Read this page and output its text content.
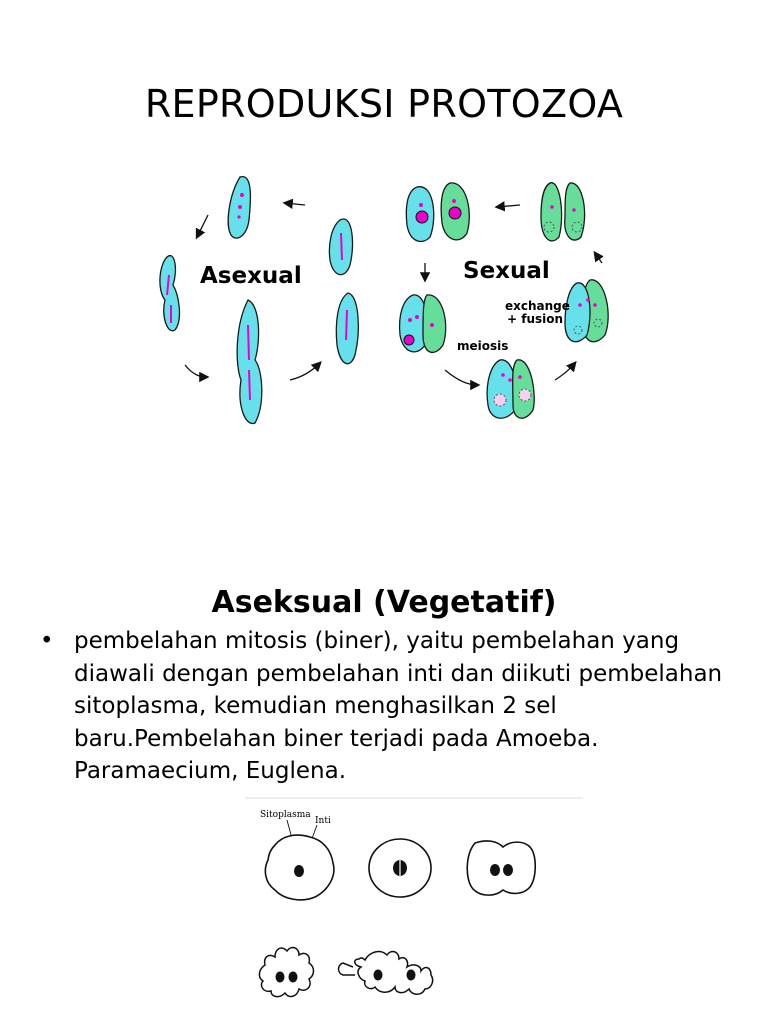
REPRODUKSI PROTOZOA
Asexual	Sexual
exchange
+ fusion
meiosis
Aseksual (Vegetatif)
• pembelahan mitosis (biner), yaitu pembelahan yang diawali dengan pembelahan inti dan diikuti pembelahan sitoplasma, kemudian menghasilkan 2 sel baru.Pembelahan biner terjadi pada Amoeba. Paramaecium, Euglena.
Sitoplasma
Inti
